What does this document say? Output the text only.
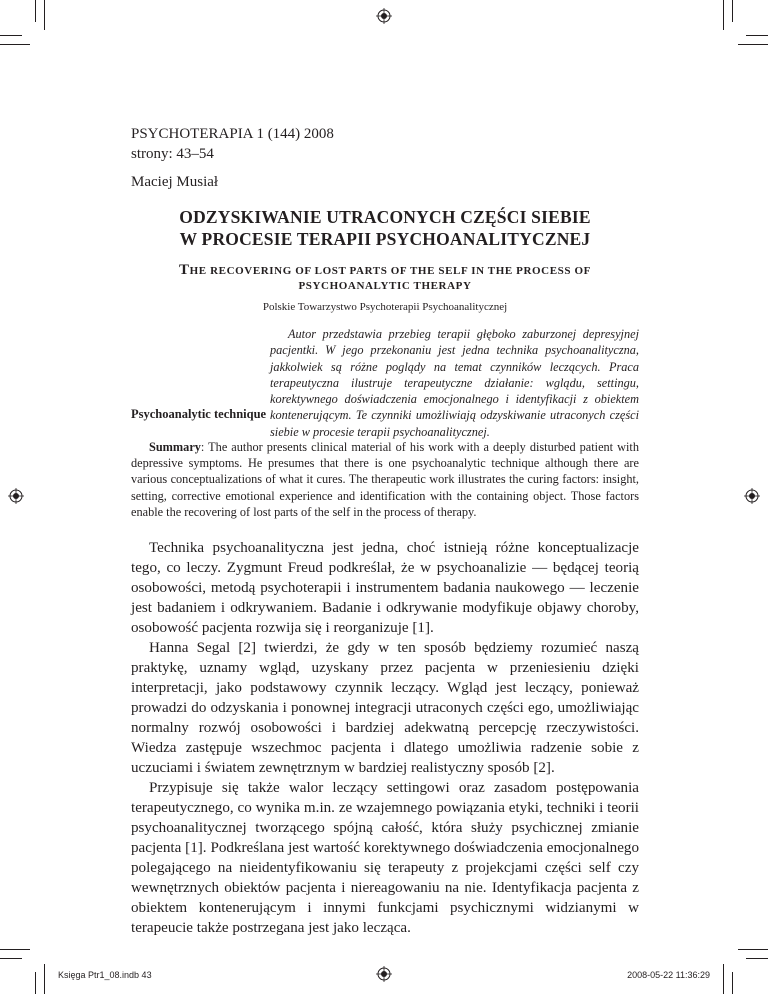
PSYCHOTERAPIA 1 (144) 2008
strony: 43–54
Maciej Musiał
ODZYSKIWANIE UTRACONYCH CZĘŚCI SIEBIE
W PROCESIE TERAPII PSYCHOANALITYCZNEJ
THE RECOVERING OF LOST PARTS OF THE SELF IN THE PROCESS OF
PSYCHOANALYTIC THERAPY
Polskie Towarzystwo Psychoterapii Psychoanalitycznej
Psychoanalytic technique
Autor przedstawia przebieg terapii głęboko zaburzonej depresyjnej pacjentki. W jego przekonaniu jest jedna technika psychoanalityczna, jakkolwiek są różne poglądy na temat czynników leczących. Praca terapeutyczna ilustruje terapeutyczne działanie: wglądu, settingu, korektywnego doświadczenia emocjonalnego i identyfikacji z obiektem kontenerującym. Te czynniki umożliwiają odzyskiwanie utraconych części siebie w procesie terapii psychoanalitycznej.
Summary: The author presents clinical material of his work with a deeply disturbed patient with depressive symptoms. He presumes that there is one psychoanalytic technique although there are various conceptualizations of what it cures. The therapeutic work illustrates the curing factors: insight, setting, corrective emotional experience and identification with the containing object. Those factors enable the recovering of lost parts of the self in the process of therapy.

Technika psychoanalityczna jest jedna, choć istnieją różne konceptualizacje tego, co leczy. Zygmunt Freud podkreślał, że w psychoanalizie — będącej teorią osobowości, metodą psychoterapii i instrumentem badania naukowego — leczenie jest badaniem i odkrywaniem. Badanie i odkrywanie modyfikuje objawy choroby, osobowość pacjenta rozwija się i reorganizuje [1].

Hanna Segal [2] twierdzi, że gdy w ten sposób będziemy rozumieć naszą praktykę, uznamy wgląd, uzyskany przez pacjenta w przeniesieniu dzięki interpretacji, jako podstawowy czynnik leczący. Wgląd jest leczący, ponieważ prowadzi do odzyskania i ponownej integracji utraconych części ego, umożliwiając normalny rozwój osobowości i bardziej adekwatną percepcję rzeczywistości. Wiedza zastępuje wszechmoc pacjenta i dlatego umożliwia radzenie sobie z uczuciami i światem zewnętrznym w bardziej realistyczny sposób [2].

Przypisuje się także walor leczący settingowi oraz zasadom postępowania terapeutycznego, co wynika m.in. ze wzajemnego powiązania etyki, techniki i teorii psychoanalitycznej tworzącego spójną całość, która służy psychicznej zmianie pacjenta [1]. Podkreślana jest wartość korektywnego doświadczenia emocjonalnego polegającego na nieidentyfikowaniu się terapeuty z projekcjami części self czy wewnętrznych obiektów pacjenta i niereagowaniu na nie. Identyfikacja pacjenta z obiektem kontenerującym i innymi funkcjami psychicznymi widzianymi w terapeucie także postrzegana jest jako lecząca.

Księga Ptr1_08.indb 43	2008-05-22 11:36:29
